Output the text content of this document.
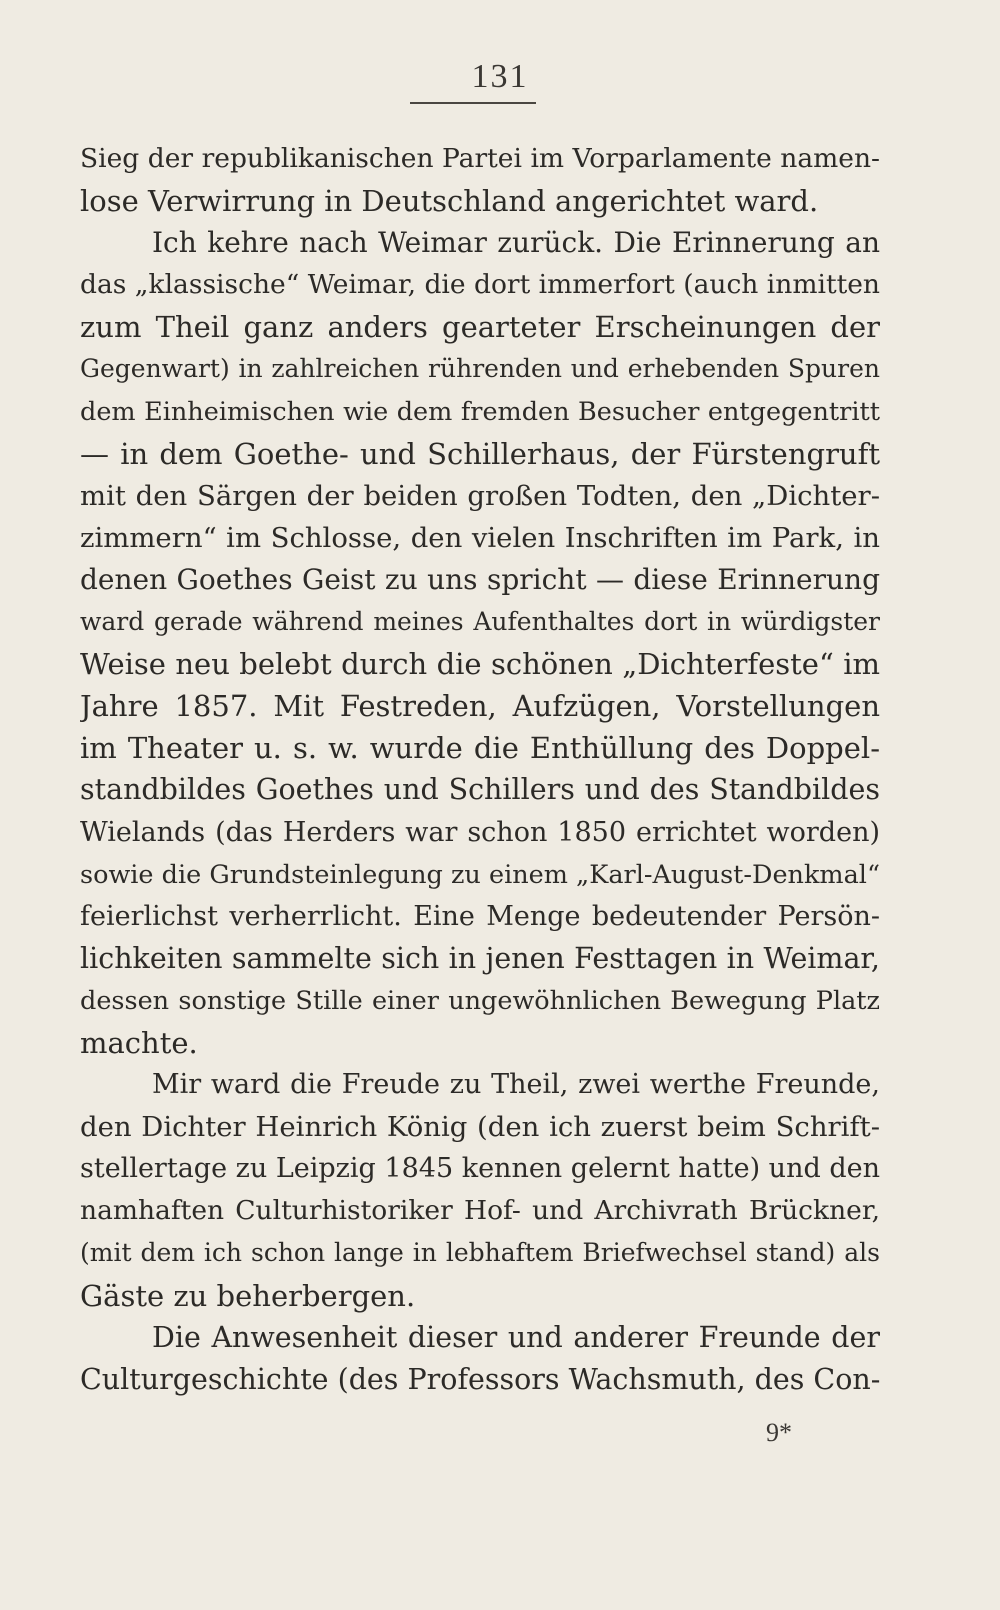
131
Sieg der republikanischen Partei im Vorparlamente namen-
lose Verwirrung in Deutschland angerichtet ward.
Ich kehre nach Weimar zurück. Die Erinnerung an
das „klassische“ Weimar, die dort immerfort (auch inmitten
zum Theil ganz anders gearteter Erscheinungen der
Gegenwart) in zahlreichen rührenden und erhebenden Spuren
dem Einheimischen wie dem fremden Besucher entgegentritt
— in dem Goethe- und Schillerhaus, der Fürstengruft
mit den Särgen der beiden großen Todten, den „Dichter-
zimmern“ im Schlosse, den vielen Inschriften im Park, in
denen Goethes Geist zu uns spricht — diese Erinnerung
ward gerade während meines Aufenthaltes dort in würdigster
Weise neu belebt durch die schönen „Dichterfeste“ im
Jahre 1857. Mit Festreden, Aufzügen, Vorstellungen
im Theater u. s. w. wurde die Enthüllung des Doppel-
standbildes Goethes und Schillers und des Standbildes
Wielands (das Herders war schon 1850 errichtet worden)
sowie die Grundsteinlegung zu einem „Karl-August-Denkmal“
feierlichst verherrlicht. Eine Menge bedeutender Persön-
lichkeiten sammelte sich in jenen Festtagen in Weimar,
dessen sonstige Stille einer ungewöhnlichen Bewegung Platz
machte.
Mir ward die Freude zu Theil, zwei werthe Freunde,
den Dichter Heinrich König (den ich zuerst beim Schrift-
stellertage zu Leipzig 1845 kennen gelernt hatte) und den
namhaften Culturhistoriker Hof- und Archivrath Brückner,
(mit dem ich schon lange in lebhaftem Briefwechsel stand) als
Gäste zu beherbergen.
Die Anwesenheit dieser und anderer Freunde der
Culturgeschichte (des Professors Wachsmuth, des Con-
9*
